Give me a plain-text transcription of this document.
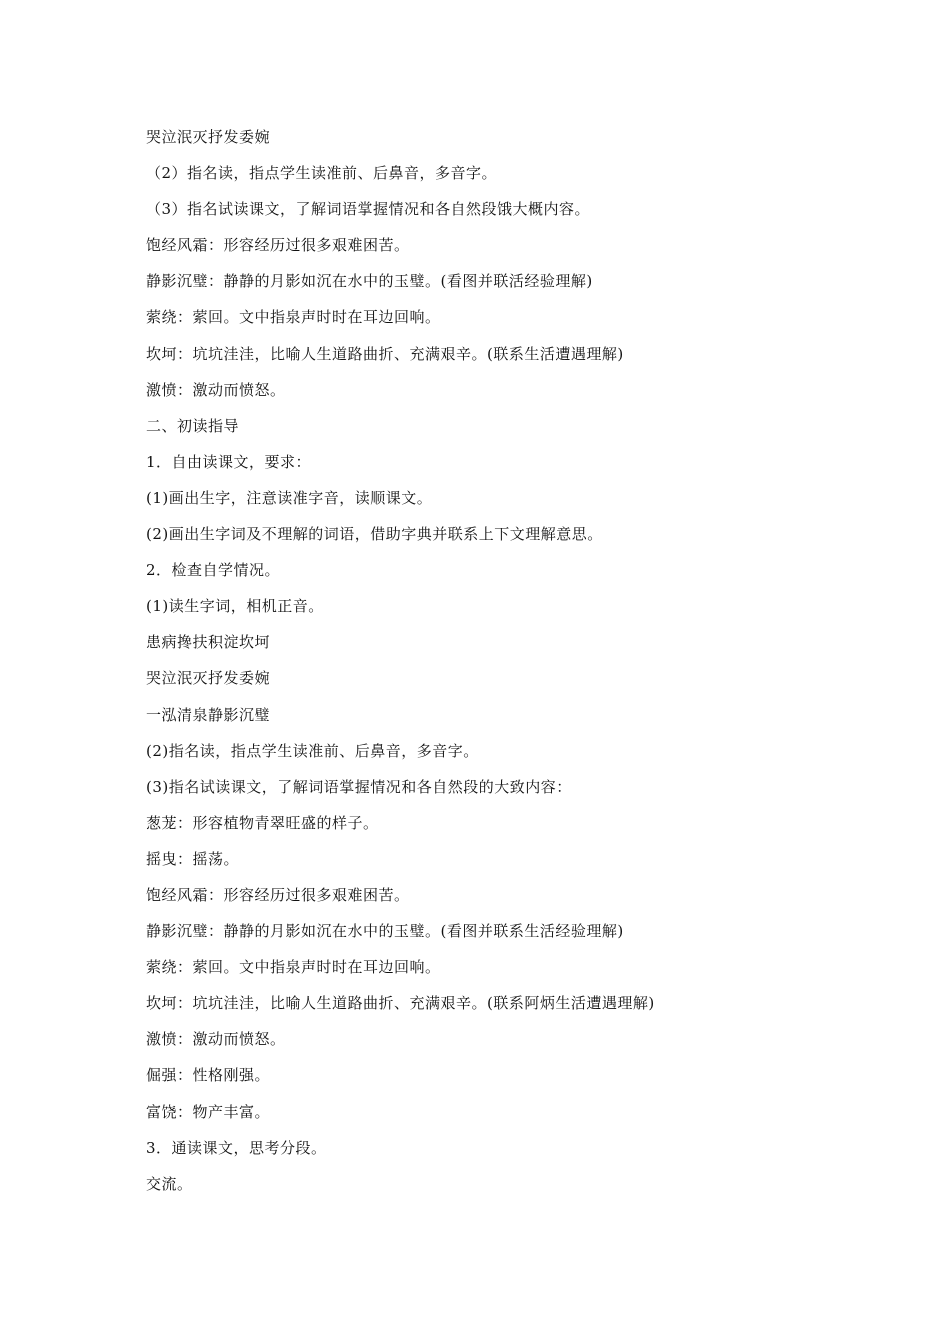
哭泣泯灭抒发委婉
（2）指名读，指点学生读准前、后鼻音，多音字。
（3）指名试读课文，了解词语掌握情况和各自然段饿大概内容。
饱经风霜：形容经历过很多艰难困苦。
静影沉璧：静静的月影如沉在水中的玉璧。(看图并联活经验理解)
萦绕：萦回。文中指泉声时时在耳边回响。
坎坷：坑坑洼洼，比喻人生道路曲折、充满艰辛。(联系生活遭遇理解)
激愤：激动而愤怒。
二、初读指导
1．自由读课文，要求：
(1)画出生字，注意读准字音，读顺课文。
(2)画出生字词及不理解的词语，借助字典并联系上下文理解意思。
2．检查自学情况。
(1)读生字词，相机正音。
患病搀扶积淀坎坷
哭泣泯灭抒发委婉
一泓清泉静影沉璧
(2)指名读，指点学生读准前、后鼻音，多音字。
(3)指名试读课文，了解词语掌握情况和各自然段的大致内容：
葱茏：形容植物青翠旺盛的样子。
摇曳：摇荡。
饱经风霜：形容经历过很多艰难困苦。
静影沉璧：静静的月影如沉在水中的玉璧。(看图并联系生活经验理解)
萦绕：萦回。文中指泉声时时在耳边回响。
坎坷：坑坑洼洼，比喻人生道路曲折、充满艰辛。(联系阿炳生活遭遇理解)
激愤：激动而愤怒。
倔强：性格刚强。
富饶：物产丰富。
3．通读课文，思考分段。
交流。
